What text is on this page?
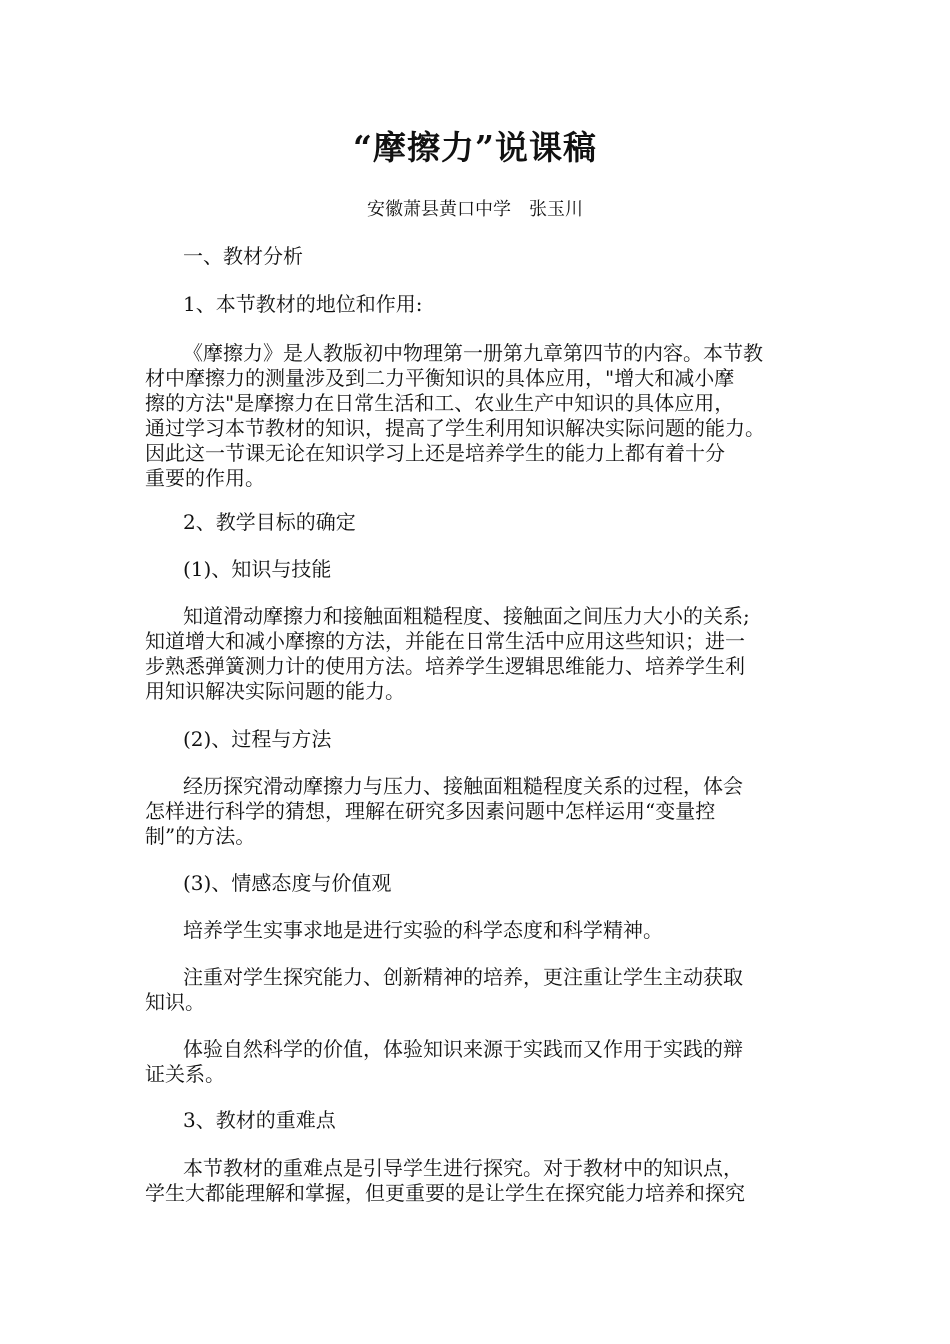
“摩擦力”说课稿
安徽萧县黄口中学　张玉川
一、教材分析
1、本节教材的地位和作用:
《摩擦力》是人教版初中物理第一册第九章第四节的内容。本节教
材中摩擦力的测量涉及到二力平衡知识的具体应用，"增大和减小摩
擦的方法"是摩擦力在日常生活和工、农业生产中知识的具体应用，
通过学习本节教材的知识，提高了学生利用知识解决实际问题的能力。
因此这一节课无论在知识学习上还是培养学生的能力上都有着十分
重要的作用。
2、教学目标的确定
(1)、知识与技能
知道滑动摩擦力和接触面粗糙程度、接触面之间压力大小的关系;
知道增大和减小摩擦的方法，并能在日常生活中应用这些知识；进一
步熟悉弹簧测力计的使用方法。培养学生逻辑思维能力、培养学生利
用知识解决实际问题的能力。
(2)、过程与方法
经历探究滑动摩擦力与压力、接触面粗糙程度关系的过程，体会
怎样进行科学的猜想，理解在研究多因素问题中怎样运用“变量控
制”的方法。
(3)、情感态度与价值观
培养学生实事求地是进行实验的科学态度和科学精神。
注重对学生探究能力、创新精神的培养，更注重让学生主动获取
知识。
体验自然科学的价值，体验知识来源于实践而又作用于实践的辩
证关系。
3、教材的重难点
本节教材的重难点是引导学生进行探究。对于教材中的知识点，
学生大都能理解和掌握，但更重要的是让学生在探究能力培养和探究
